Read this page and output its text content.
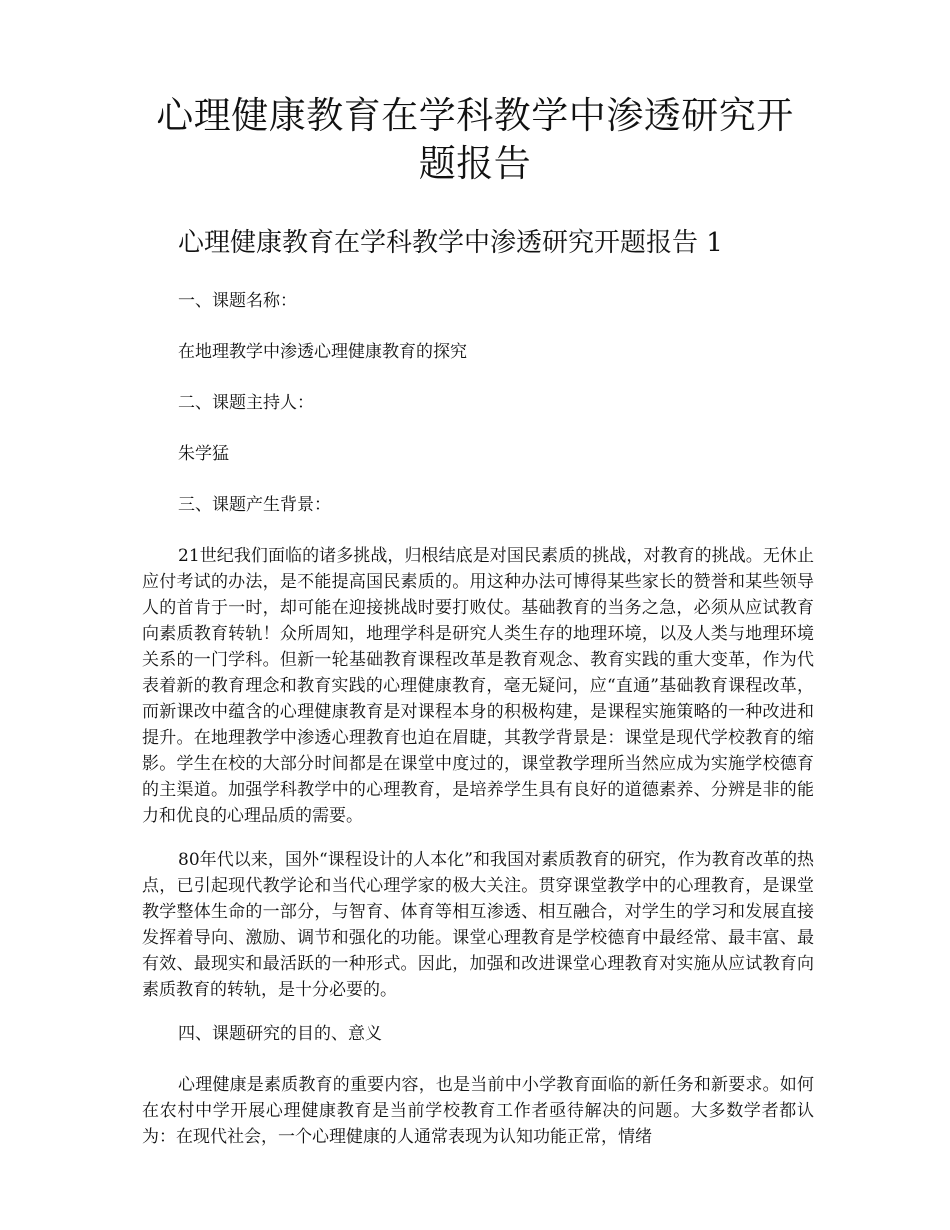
心理健康教育在学科教学中渗透研究开题报告
心理健康教育在学科教学中渗透研究开题报告 1

一、课题名称：

在地理教学中渗透心理健康教育的探究

二、课题主持人：

朱学猛

三、课题产生背景：

21世纪我们面临的诸多挑战，归根结底是对国民素质的挑战，对教育的挑战。无休止应付考试的办法，是不能提高国民素质的。用这种办法可博得某些家长的赞誉和某些领导人的首肯于一时，却可能在迎接挑战时要打败仗。基础教育的当务之急，必须从应试教育向素质教育转轨！众所周知，地理学科是研究人类生存的地理环境，以及人类与地理环境关系的一门学科。但新一轮基础教育课程改革是教育观念、教育实践的重大变革，作为代表着新的教育理念和教育实践的心理健康教育，毫无疑问，应“直通”基础教育课程改革，而新课改中蕴含的心理健康教育是对课程本身的积极构建，是课程实施策略的一种改进和提升。在地理教学中渗透心理教育也迫在眉睫，其教学背景是：课堂是现代学校教育的缩影。学生在校的大部分时间都是在课堂中度过的，课堂教学理所当然应成为实施学校德育的主渠道。加强学科教学中的心理教育，是培养学生具有良好的道德素养、分辨是非的能力和优良的心理品质的需要。

80年代以来，国外“课程设计的人本化”和我国对素质教育的研究，作为教育改革的热点，已引起现代教学论和当代心理学家的极大关注。贯穿课堂教学中的心理教育，是课堂教学整体生命的一部分，与智育、体育等相互渗透、相互融合，对学生的学习和发展直接发挥着导向、激励、调节和强化的功能。课堂心理教育是学校德育中最经常、最丰富、最有效、最现实和最活跃的一种形式。因此，加强和改进课堂心理教育对实施从应试教育向素质教育的转轨，是十分必要的。

四、课题研究的目的、意义

心理健康是素质教育的重要内容，也是当前中小学教育面临的新任务和新要求。如何在农村中学开展心理健康教育是当前学校教育工作者亟待解决的问题。大多数学者都认为：在现代社会，一个心理健康的人通常表现为认知功能正常，情绪
